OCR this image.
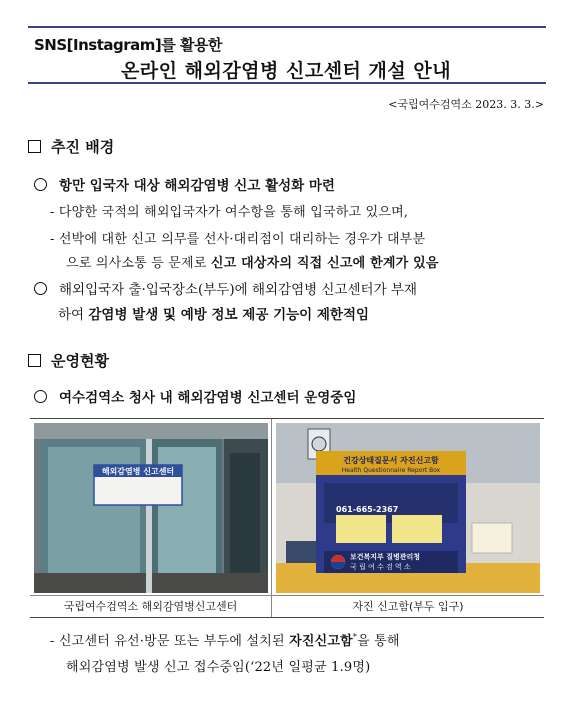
SNS[Instagram]를 활용한
온라인 해외감염병 신고센터 개설 안내
<국립여수검역소 2023. 3. 3.>
추진 배경
항만 입국자 대상 해외감염병 신고 활성화 마련
- 다양한 국적의 해외입국자가 여수항을 통해 입국하고 있으며,
- 선박에 대한 신고 의무를 선사·대리점이 대리하는 경우가 대부분
으로 의사소통 등 문제로 신고 대상자의 직접 신고에 한계가 있음
해외입국자 출·입국장소(부두)에 해외감염병 신고센터가 부재
하여 감염병 발생 및 예방 정보 제공 기능이 제한적임
운영현황
여수검역소 청사 내 해외감염병 신고센터 운영중임
해외감염병 신고센터
건강상태질문서 자진신고함
Health Questionnaire Report Box
061-665-2367
보건복지부 질병관리청
국 립 여 수 검 역 소
국립여수검역소 해외감염병신고센터	자진 신고함(부두 입구)
- 신고센터 유선·방문 또는 부두에 설치된 자진신고함*을 통해
해외감염병 발생 신고 접수중임(‘22년 일평균 1.9명)
